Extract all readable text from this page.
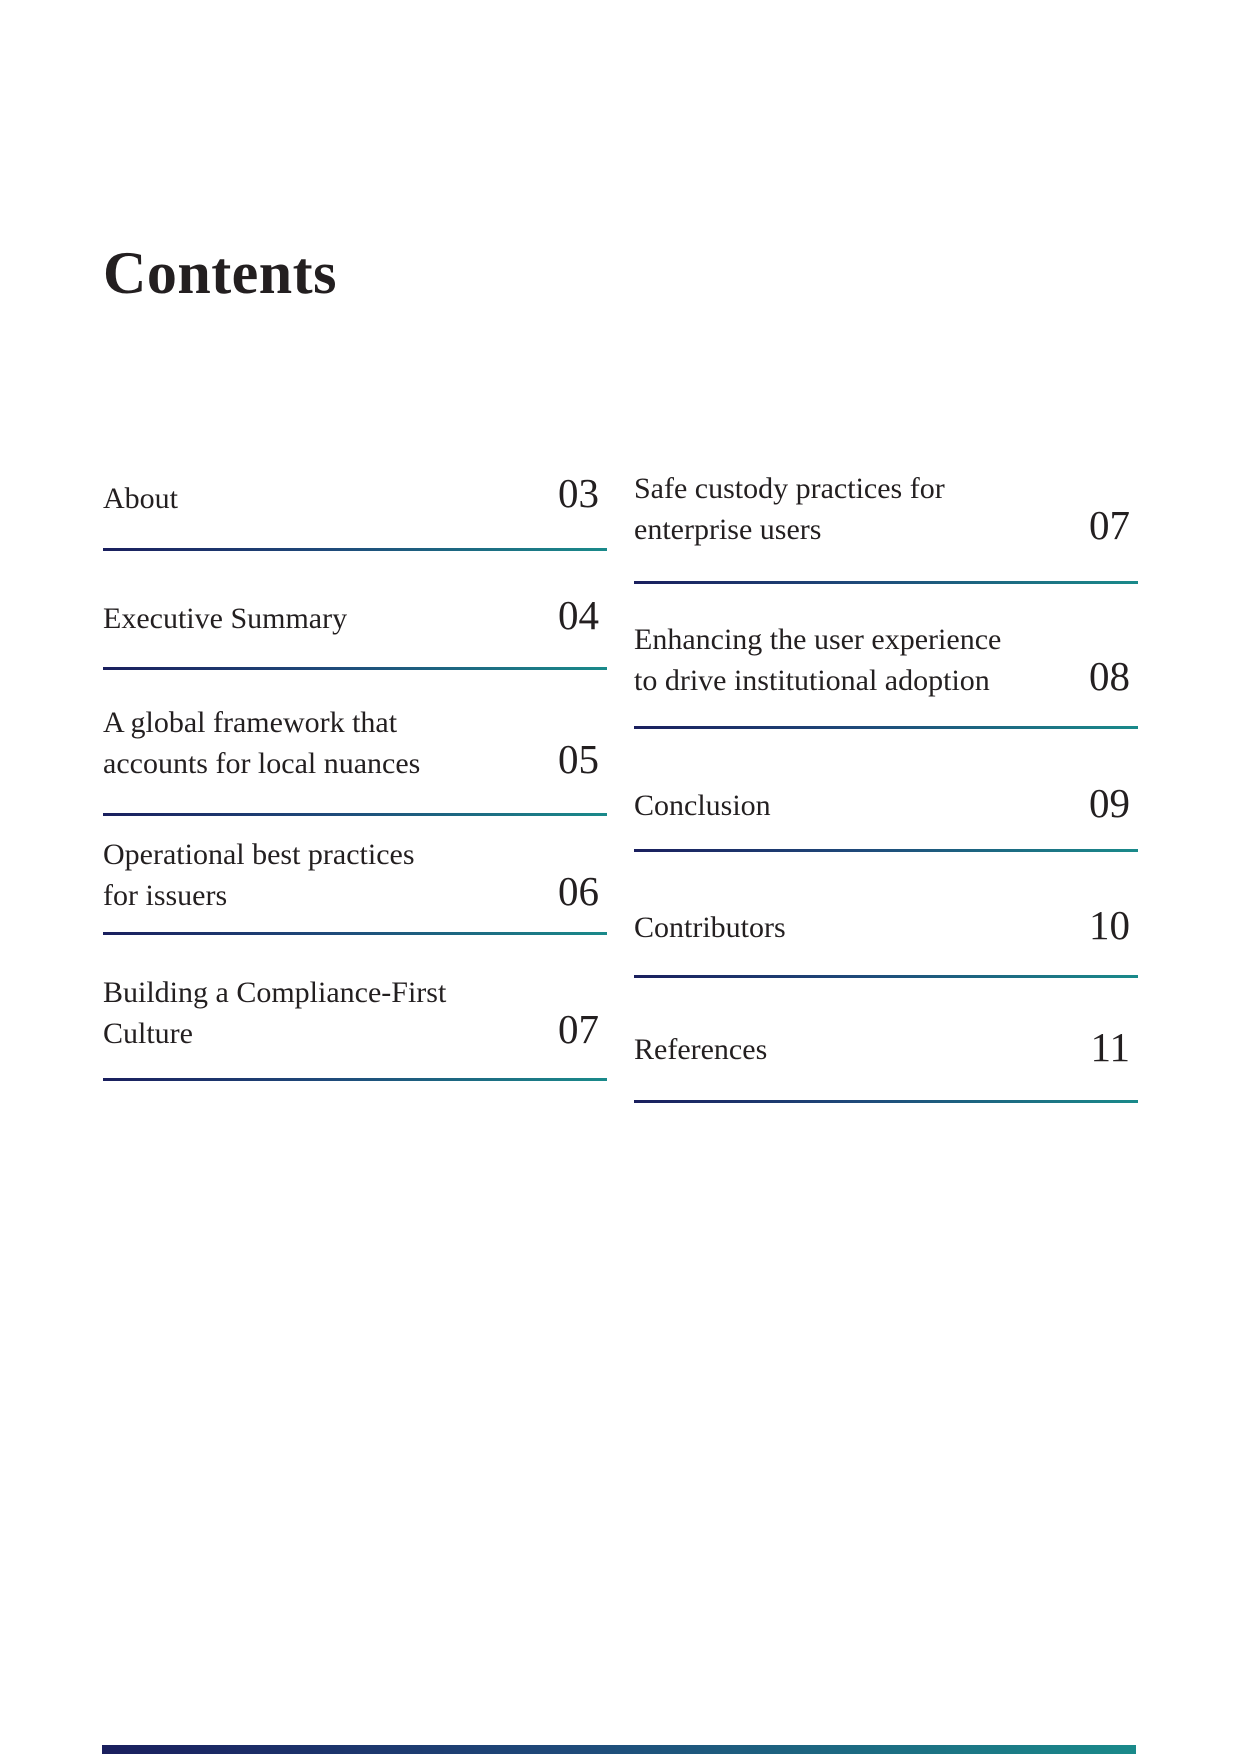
Contents
About	03
Executive Summary	04
A global framework that
accounts for local nuances	05
Operational best practices
for issuers	06
Building a Compliance-First
Culture	07
Safe custody practices for
enterprise users	07
Enhancing the user experience
to drive institutional adoption 08
Conclusion	09
Contributors	10
References	11
